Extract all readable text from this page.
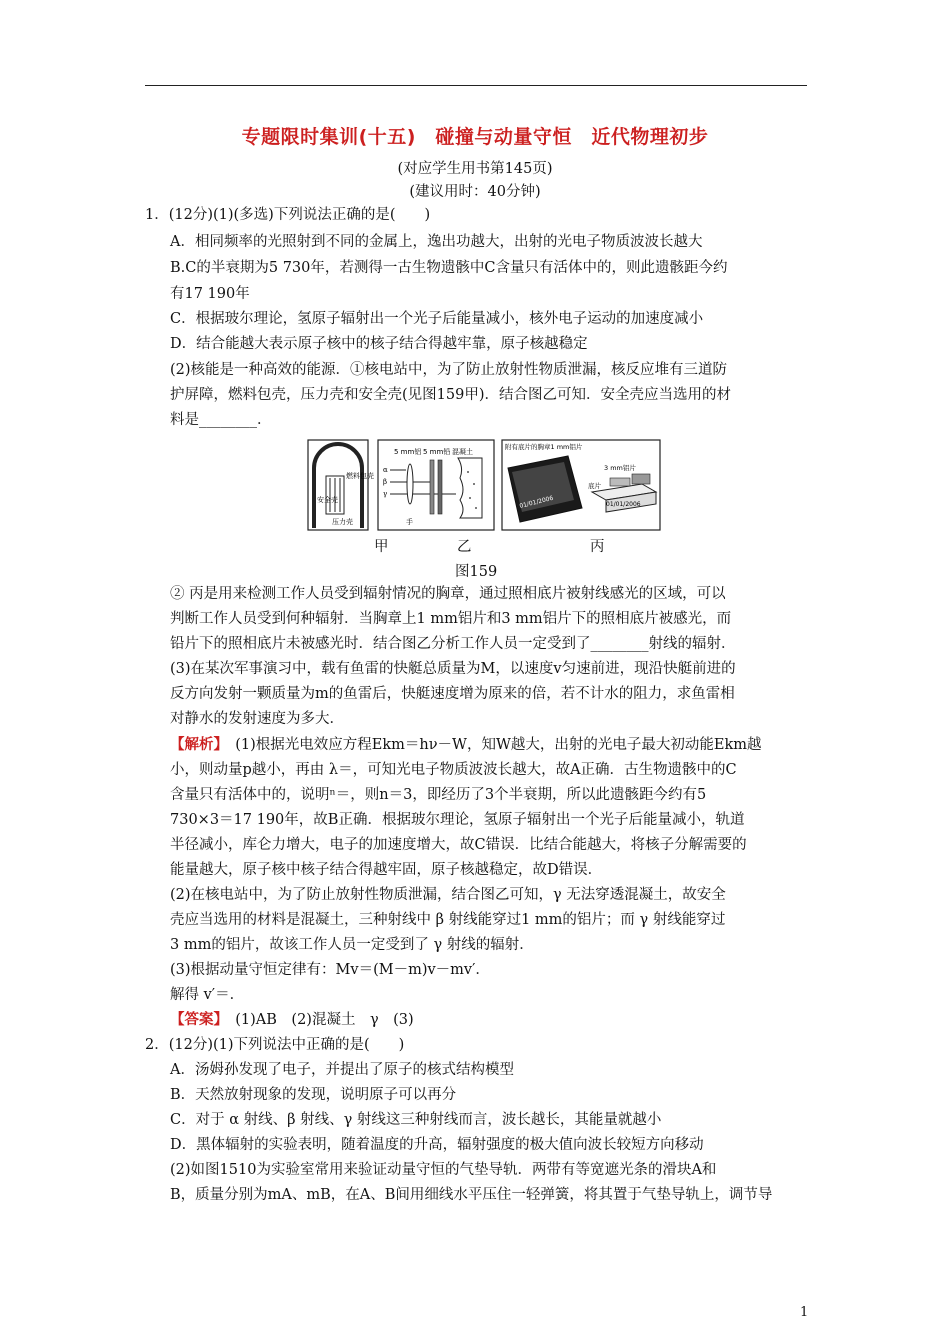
专题限时集训(十五)　碰撞与动量守恒　近代物理初步
(对应学生用书第145页)
(建议用时：40分钟)
1．(12分)(1)(多选)下列说法正确的是(　　)
A．相同频率的光照射到不同的金属上，逸出功越大，出射的光电子物质波波长越大
B.C的半衰期为5 730年，若测得一古生物遗骸中C含量只有活体中的，则此遗骸距今约
有17 190年
C．根据玻尔理论，氢原子辐射出一个光子后能量减小，核外电子运动的加速度减小
D．结合能越大表示原子核中的核子结合得越牢靠，原子核越稳定
(2)核能是一种高效的能源．①核电站中，为了防止放射性物质泄漏，核反应堆有三道防
护屏障，燃料包壳，压力壳和安全壳(见图159甲)．结合图乙可知．安全壳应当选用的材
料是________．
燃料包壳
安全壳
压力壳
5 mm铝 5 mm铅 混凝土
α
β
γ
手
附有底片的胸章1 mm铝片
01/01/2006
3 mm铝片
底片
01/01/2006
甲	乙	丙
图159
② 丙是用来检测工作人员受到辐射情况的胸章，通过照相底片被射线感光的区域，可以
判断工作人员受到何种辐射．当胸章上1 mm铝片和3 mm铝片下的照相底片被感光，而
铅片下的照相底片未被感光时．结合图乙分析工作人员一定受到了________射线的辐射．
(3)在某次军事演习中，载有鱼雷的快艇总质量为M，以速度v匀速前进，现沿快艇前进的
反方向发射一颗质量为m的鱼雷后，快艇速度增为原来的倍，若不计水的阻力，求鱼雷相
对静水的发射速度为多大．
【解析】　(1)根据光电效应方程Ekm＝hν－W，知W越大，出射的光电子最大初动能Ekm越
小，则动量p越小，再由 λ＝，可知光电子物质波波长越大，故A正确．古生物遗骸中的C
含量只有活体中的，说明ⁿ＝，则n＝3，即经历了3个半衰期，所以此遗骸距今约有5
730×3＝17 190年，故B正确．根据玻尔理论，氢原子辐射出一个光子后能量减小，轨道
半径减小，库仑力增大，电子的加速度增大，故C错误．比结合能越大，将核子分解需要的
能量越大，原子核中核子结合得越牢固，原子核越稳定，故D错误．
(2)在核电站中，为了防止放射性物质泄漏，结合图乙可知，γ 无法穿透混凝土，故安全
壳应当选用的材料是混凝土，三种射线中 β 射线能穿过1 mm的铝片；而 γ 射线能穿过
3 mm的铝片，故该工作人员一定受到了 γ 射线的辐射．
(3)根据动量守恒定律有：Mv＝(M－m)v－mv′．
解得 v′＝．
【答案】　(1)AB　(2)混凝土　γ　(3)
2．(12分)(1)下列说法中正确的是(　　)
A．汤姆孙发现了电子，并提出了原子的核式结构模型
B．天然放射现象的发现，说明原子可以再分
C．对于 α 射线、β 射线、γ 射线这三种射线而言，波长越长，其能量就越小
D．黑体辐射的实验表明，随着温度的升高，辐射强度的极大值向波长较短方向移动
(2)如图1510为实验室常用来验证动量守恒的气垫导轨．两带有等宽遮光条的滑块A和
B，质量分别为mA、mB，在A、B间用细线水平压住一轻弹簧，将其置于气垫导轨上，调节导
1
